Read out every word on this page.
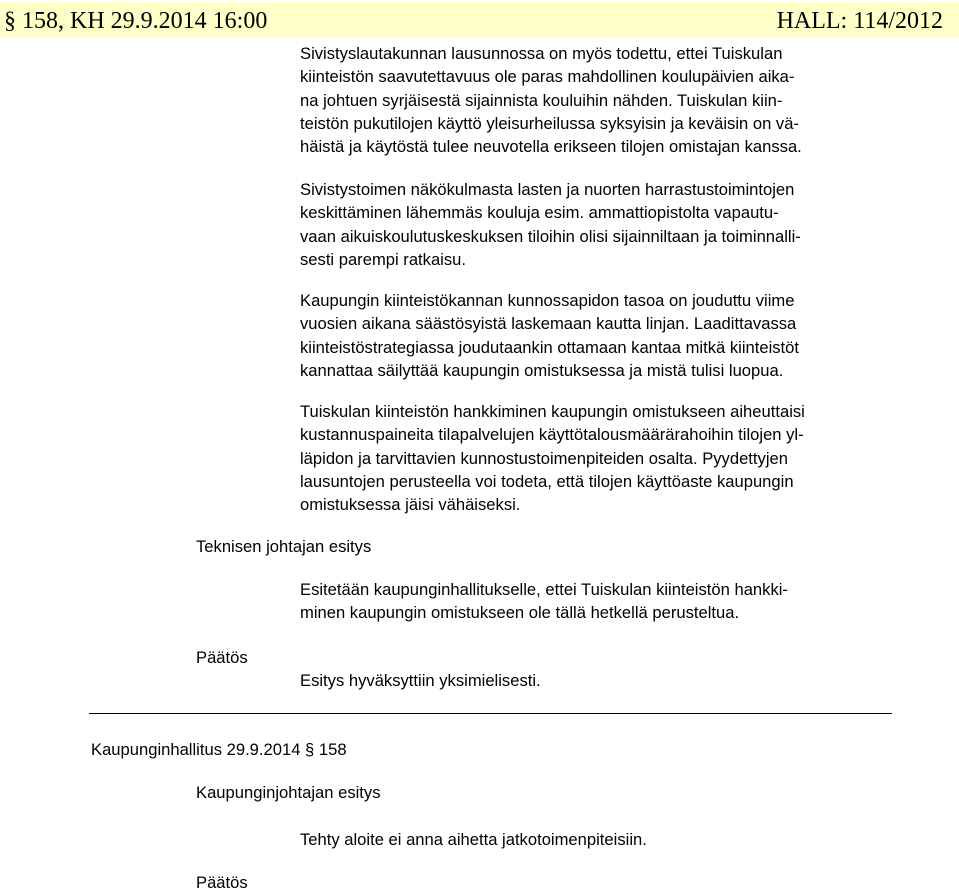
§ 158, KH 29.9.2014 16:00	HALL: 114/2012
Sivistyslautakunnan lausunnossa on myös todettu, ettei Tuiskulan
kiinteistön saavutettavuus ole paras mahdollinen koulupäivien aika-
na johtuen syrjäisestä sijainnista kouluihin nähden. Tuiskulan kiin-
teistön pukutilojen käyttö yleisurheilussa syksyisin ja keväisin on vä-
häistä ja käytöstä tulee neuvotella erikseen tilojen omistajan kanssa.
Sivistystoimen näkökulmasta lasten ja nuorten harrastustoimintojen
keskittäminen lähemmäs kouluja esim. ammattiopistolta vapautu-
vaan aikuiskoulutuskeskuksen tiloihin olisi sijainniltaan ja toiminnalli-
sesti parempi ratkaisu.
Kaupungin kiinteistökannan kunnossapidon tasoa on jouduttu viime
vuosien aikana säästösyistä laskemaan kautta linjan. Laadittavassa
kiinteistöstrategiassa joudutaankin ottamaan kantaa mitkä kiinteistöt
kannattaa säilyttää kaupungin omistuksessa ja mistä tulisi luopua.
Tuiskulan kiinteistön hankkiminen kaupungin omistukseen aiheuttaisi
kustannuspaineita tilapalvelujen käyttötalousmäärärahoihin tilojen yl-
läpidon ja tarvittavien kunnostustoimenpiteiden osalta. Pyydettyjen
lausuntojen perusteella voi todeta, että tilojen käyttöaste kaupungin
omistuksessa jäisi vähäiseksi.

Teknisen johtajan esitys

Esitetään kaupunginhallitukselle, ettei Tuiskulan kiinteistön hankki-
minen kaupungin omistukseen ole tällä hetkellä perusteltua.

Päätös

Esitys hyväksyttiin yksimielisesti.

Kaupunginhallitus 29.9.2014 § 158

Kaupunginjohtajan esitys

Tehty aloite ei anna aihetta jatkotoimenpiteisiin.

Päätös
